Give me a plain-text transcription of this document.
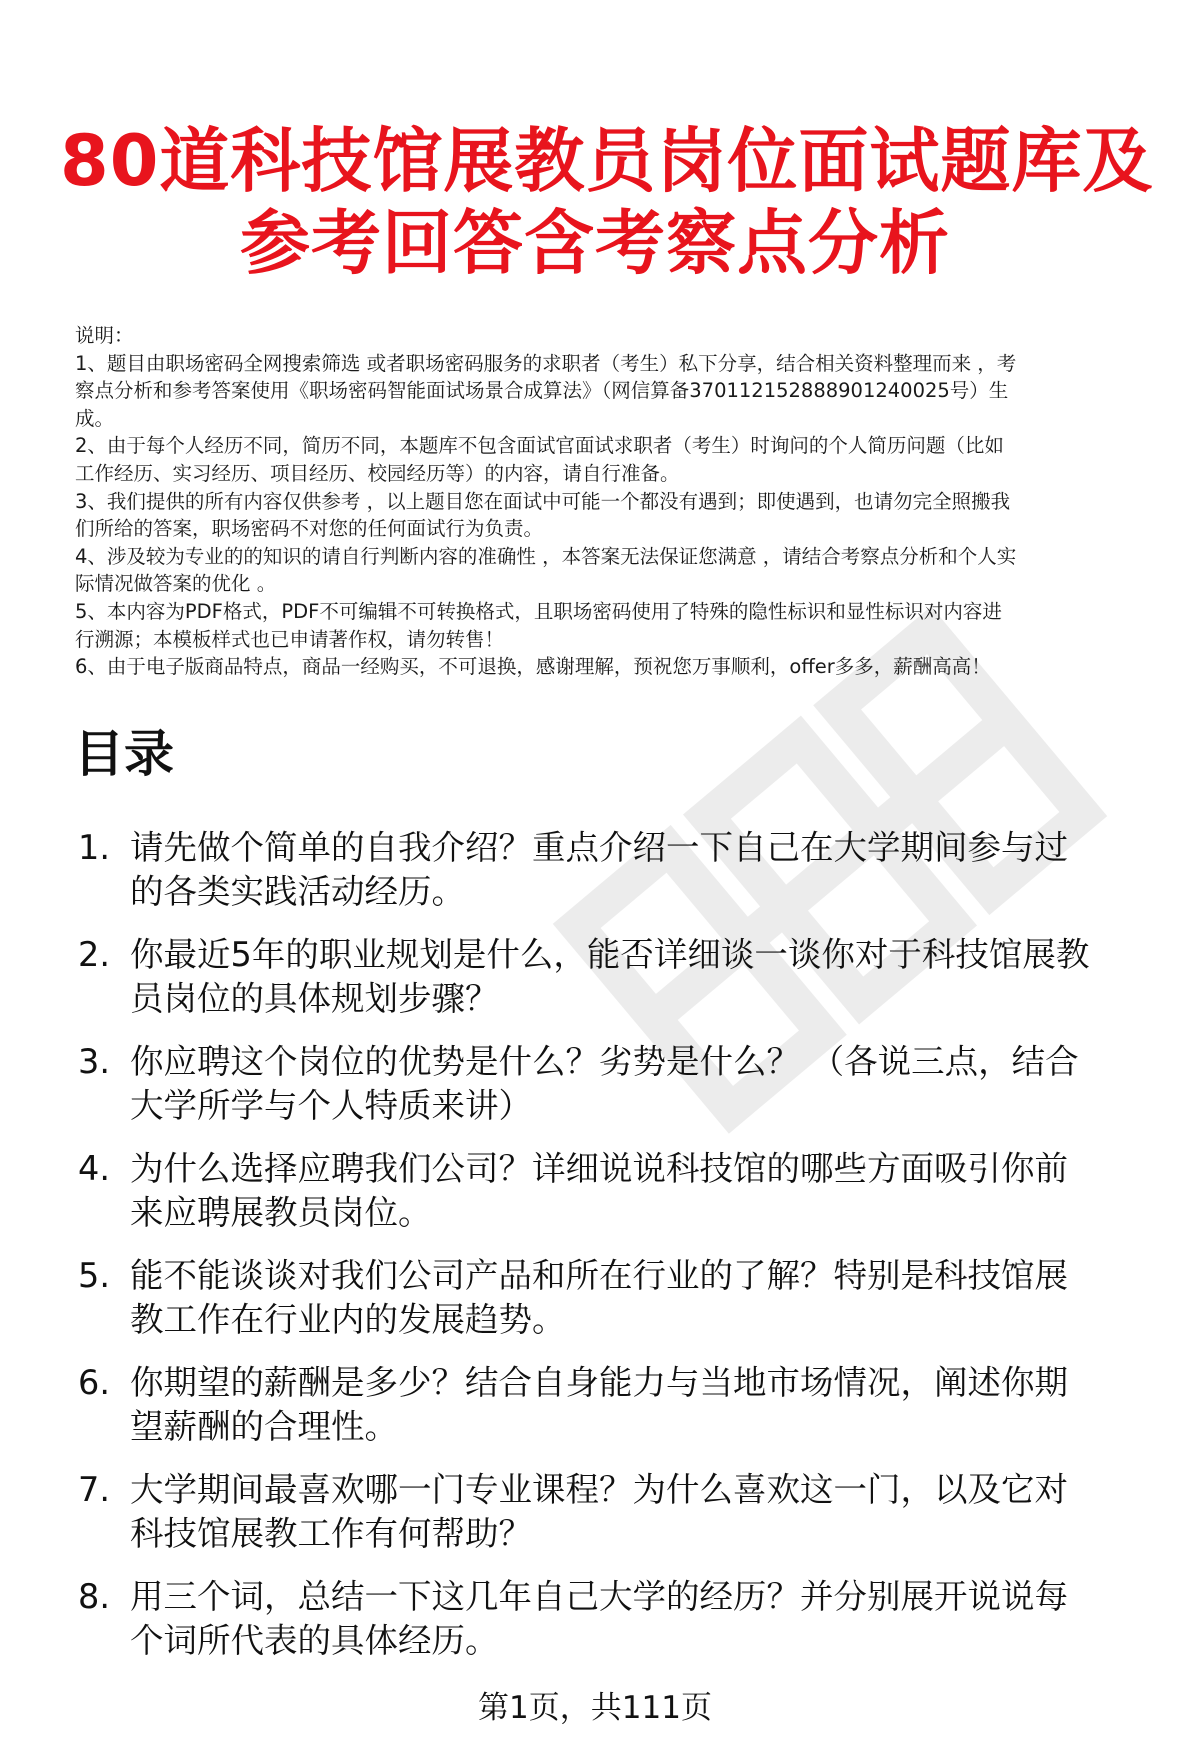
80道科技馆展教员岗位面试题库及
参考回答含考察点分析
说明：
1、题目由职场密码全网搜索筛选 或者职场密码服务的求职者（考生）私下分享，结合相关资料整理而来 ，考
察点分析和参考答案使用《职场密码智能面试场景合成算法》（网信算备370112152888901240025号）生
成。
2、由于每个人经历不同，简历不同，本题库不包含面试官面试求职者（考生）时询问的个人简历问题（比如
工作经历、实习经历、项目经历、校园经历等）的内容，请自行准备。
3、我们提供的所有内容仅供参考 ，以上题目您在面试中可能一个都没有遇到；即使遇到，也请勿完全照搬我
们所给的答案，职场密码不对您的任何面试行为负责。
4、涉及较为专业的的知识的请自行判断内容的准确性 ，本答案无法保证您满意 ，请结合考察点分析和个人实
际情况做答案的优化 。
5、本内容为PDF格式，PDF不可编辑不可转换格式，且职场密码使用了特殊的隐性标识和显性标识对内容进
行溯源；本模板样式也已申请著作权，请勿转售！
6、由于电子版商品特点，商品一经购买，不可退换，感谢理解，预祝您万事顺利，offer多多，薪酬高高！
目录
1. 请先做个简单的自我介绍？重点介绍一下自己在大学期间参与过
的各类实践活动经历。
2. 你最近5年的职业规划是什么，能否详细谈一谈你对于科技馆展教
员岗位的具体规划步骤？
3. 你应聘这个岗位的优势是什么？劣势是什么？ （各说三点，结合
大学所学与个人特质来讲）
4. 为什么选择应聘我们公司？详细说说科技馆的哪些方面吸引你前
来应聘展教员岗位。
5. 能不能谈谈对我们公司产品和所在行业的了解？特别是科技馆展
教工作在行业内的发展趋势。
6. 你期望的薪酬是多少？结合自身能力与当地市场情况，阐述你期
望薪酬的合理性。
7. 大学期间最喜欢哪一门专业课程？为什么喜欢这一门，以及它对
科技馆展教工作有何帮助？
8. 用三个词，总结一下这几年自己大学的经历？并分别展开说说每
个词所代表的具体经历。
第1页，共111页
